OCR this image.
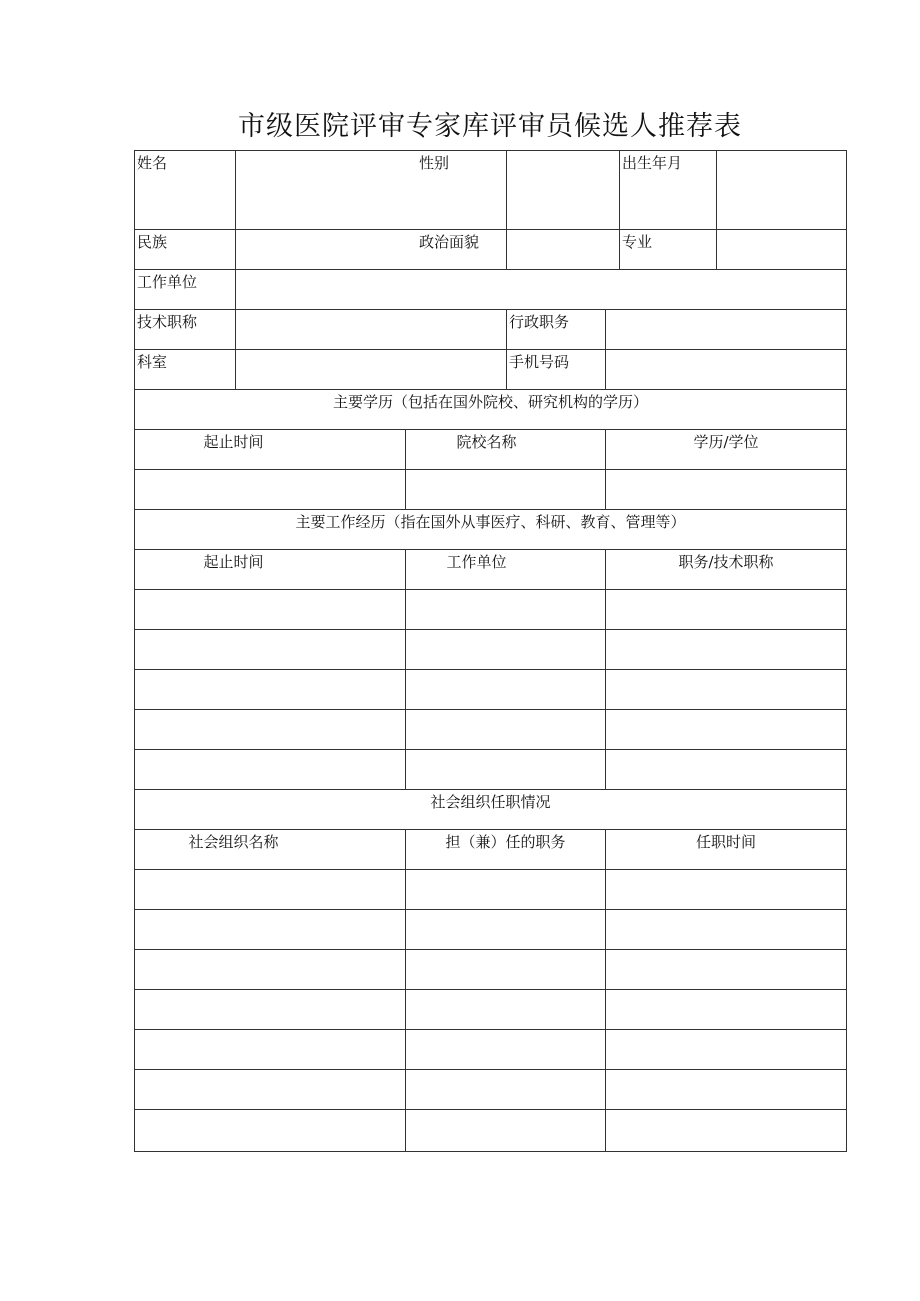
市级医院评审专家库评审员候选人推荐表
姓名	性别				出生年月	
民族	政治面貌				专业	
工作单位						
技术职称			行政职务			
科室			手机号码			
主要学历（包括在国外院校、研究机构的学历）						
起止时间		院校名称		学历/学位		

主要工作经历（指在国外从事医疗、科研、教育、管理等）						
起止时间		工作单位		职务/技术职称		

社会组织任职情况						
社会组织名称		担（兼）任的职务		任职时间		
